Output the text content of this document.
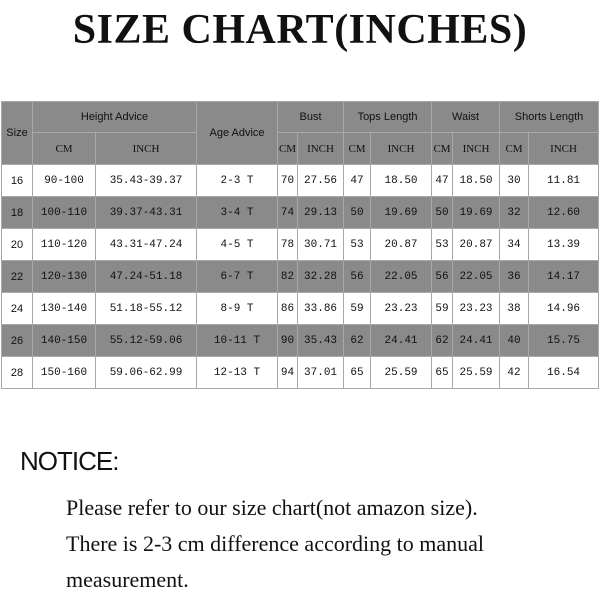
SIZE CHART(INCHES)
Size	Height Advice		Age Advice	Bust		Tops Length		Waist		Shorts Length	
	CM	INCH		CM	INCH	CM	INCH	CM	INCH	CM	INCH
16	90-100	35.43-39.37	2-3 T	70	27.56	47	18.50	47	18.50	30	11.81
18	100-110	39.37-43.31	3-4 T	74	29.13	50	19.69	50	19.69	32	12.60
20	110-120	43.31-47.24	4-5 T	78	30.71	53	20.87	53	20.87	34	13.39
22	120-130	47.24-51.18	6-7 T	82	32.28	56	22.05	56	22.05	36	14.17
24	130-140	51.18-55.12	8-9 T	86	33.86	59	23.23	59	23.23	38	14.96
26	140-150	55.12-59.06	10-11 T	90	35.43	62	24.41	62	24.41	40	15.75
28	150-160	59.06-62.99	12-13 T	94	37.01	65	25.59	65	25.59	42	16.54
NOTICE:

Please refer to our size chart(not amazon size).

There is 2-3 cm difference according to manual measurement.
